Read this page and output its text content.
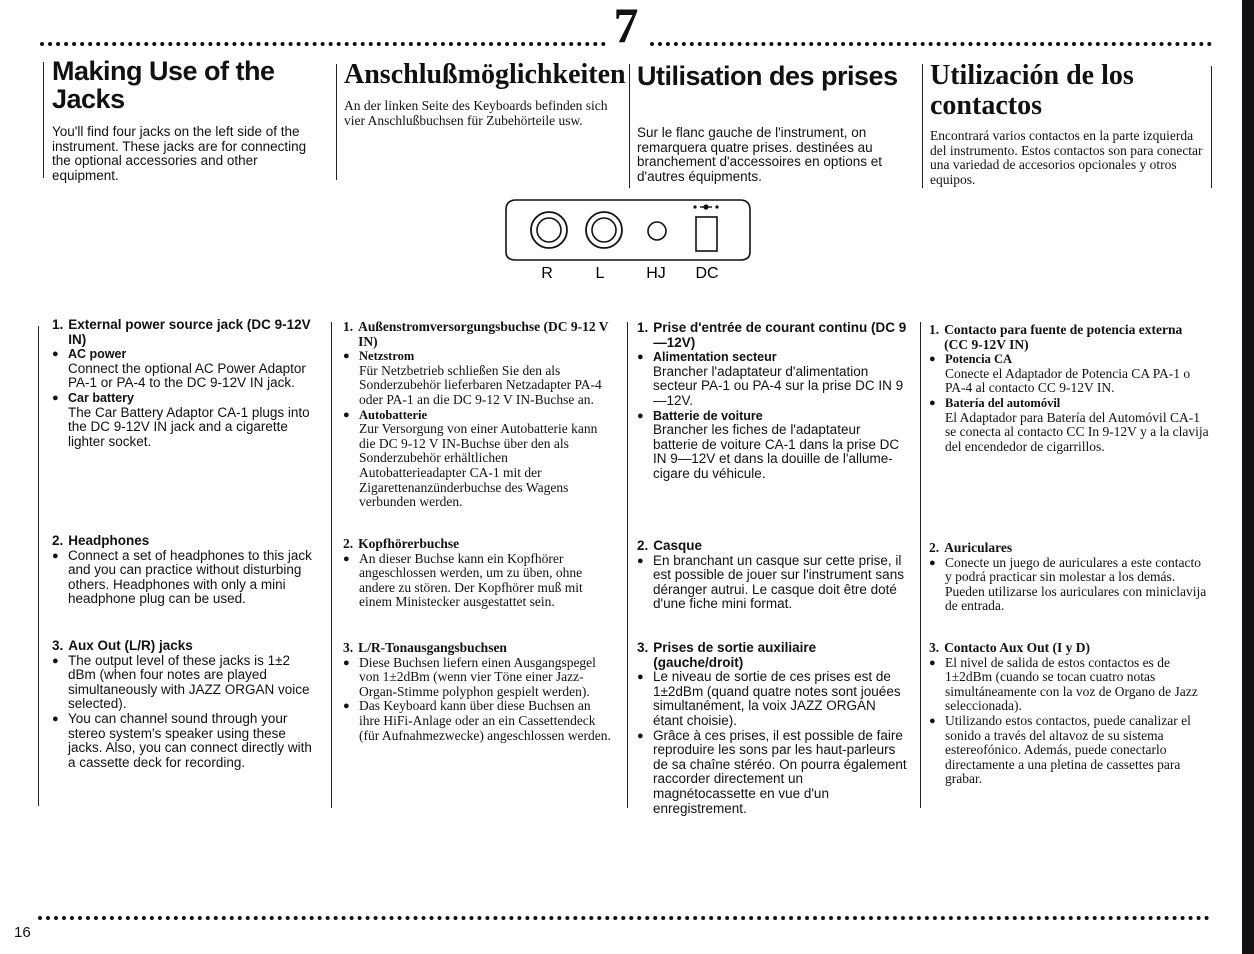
7
Making Use of the Jacks

You'll find four jacks on the left side of the instrument. These jacks are for connecting the optional accessories and other equipment.

Anschlußmöglichkeiten

An der linken Seite des Keyboards befinden sich vier Anschlußbuchsen für Zubehörteile usw.

Utilisation des prises

Sur le flanc gauche de l'instrument, on remarquera quatre prises. destinées au branchement d'accessoires en options et d'autres équipments.

Utilización de los contactos

Encontrará varios contactos en la parte izquierda del instrumento. Estos contactos son para conectar una variedad de accesorios opcionales y otros equipos.

R	L	HJ DC
1. External power source jack (DC 9-12V IN)
● AC power
Connect the optional AC Power Adaptor PA-1 or PA-4 to the DC 9-12V IN jack.
● Car battery
The Car Battery Adaptor CA-1 plugs into the DC 9-12V IN jack and a cigarette lighter socket.
2. Headphones
● Connect a set of headphones to this jack and you can practice without disturbing others. Headphones with only a mini headphone plug can be used.
3. Aux Out (L/R) jacks
● The output level of these jacks is 1±2 dBm (when four notes are played simultaneously with JAZZ ORGAN voice selected).
● You can channel sound through your stereo system's speaker using these jacks. Also, you can connect directly with a cassette deck for recording.
1. Außenstromversorgungsbuchse (DC 9-12 V IN)
● Netzstrom
Für Netzbetrieb schließen Sie den als Sonderzubehör lieferbaren Netzadapter PA-4 oder PA-1 an die DC 9-12 V IN-Buchse an.
● Autobatterie
Zur Versorgung von einer Autobatterie kann die DC 9-12 V IN-Buchse über den als Sonderzubehör erhältlichen Autobatterieadapter CA-1 mit der Zigarettenanzünderbuchse des Wagens verbunden werden.
2. Kopfhörerbuchse
● An dieser Buchse kann ein Kopfhörer angeschlossen werden, um zu üben, ohne andere zu stören. Der Kopfhörer muß mit einem Ministecker ausgestattet sein.
3. L/R-Tonausgangsbuchsen
● Diese Buchsen liefern einen Ausgangspegel von 1±2dBm (wenn vier Töne einer Jazz-Organ-Stimme polyphon gespielt werden).
● Das Keyboard kann über diese Buchsen an ihre HiFi-Anlage oder an ein Cassettendeck (für Aufnahmezwecke) angeschlossen werden.
1. Prise d'entrée de courant continu (DC 9—12V)
● Alimentation secteur
Brancher l'adaptateur d'alimentation secteur PA-1 ou PA-4 sur la prise DC IN 9—12V.
● Batterie de voiture
Brancher les fiches de l'adaptateur batterie de voiture CA-1 dans la prise DC IN 9—12V et dans la douille de l'allume-cigare du véhicule.
2. Casque
● En branchant un casque sur cette prise, il est possible de jouer sur l'instrument sans déranger autrui. Le casque doit être doté d'une fiche mini format.
3. Prises de sortie auxiliaire (gauche/droit)
● Le niveau de sortie de ces prises est de 1±2dBm (quand quatre notes sont jouées simultanément, la voix JAZZ ORGAN étant choisie).
● Grâce à ces prises, il est possible de faire reproduire les sons par les haut-parleurs de sa chaîne stéréo. On pourra également raccorder directement un magnétocassette en vue d'un enregistrement.
1. Contacto para fuente de potencia externa (CC 9-12V IN)
● Potencia CA
Conecte el Adaptador de Potencia CA PA-1 o PA-4 al contacto CC 9-12V IN.
● Batería del automóvil
El Adaptador para Batería del Automóvil CA-1 se conecta al contacto CC In 9-12V y a la clavija del encendedor de cigarrillos.
2. Auriculares
● Conecte un juego de auriculares a este contacto y podrá practicar sin molestar a los demás. Pueden utilizarse los auriculares con miniclavija de entrada.
3. Contacto Aux Out (I y D)
● El nivel de salida de estos contactos es de 1±2dBm (cuando se tocan cuatro notas simultáneamente con la voz de Organo de Jazz seleccionada).
● Utilizando estos contactos, puede canalizar el sonido a través del altavoz de su sistema estereofónico. Además, puede conectarlo directamente a una pletina de cassettes para grabar.
16
